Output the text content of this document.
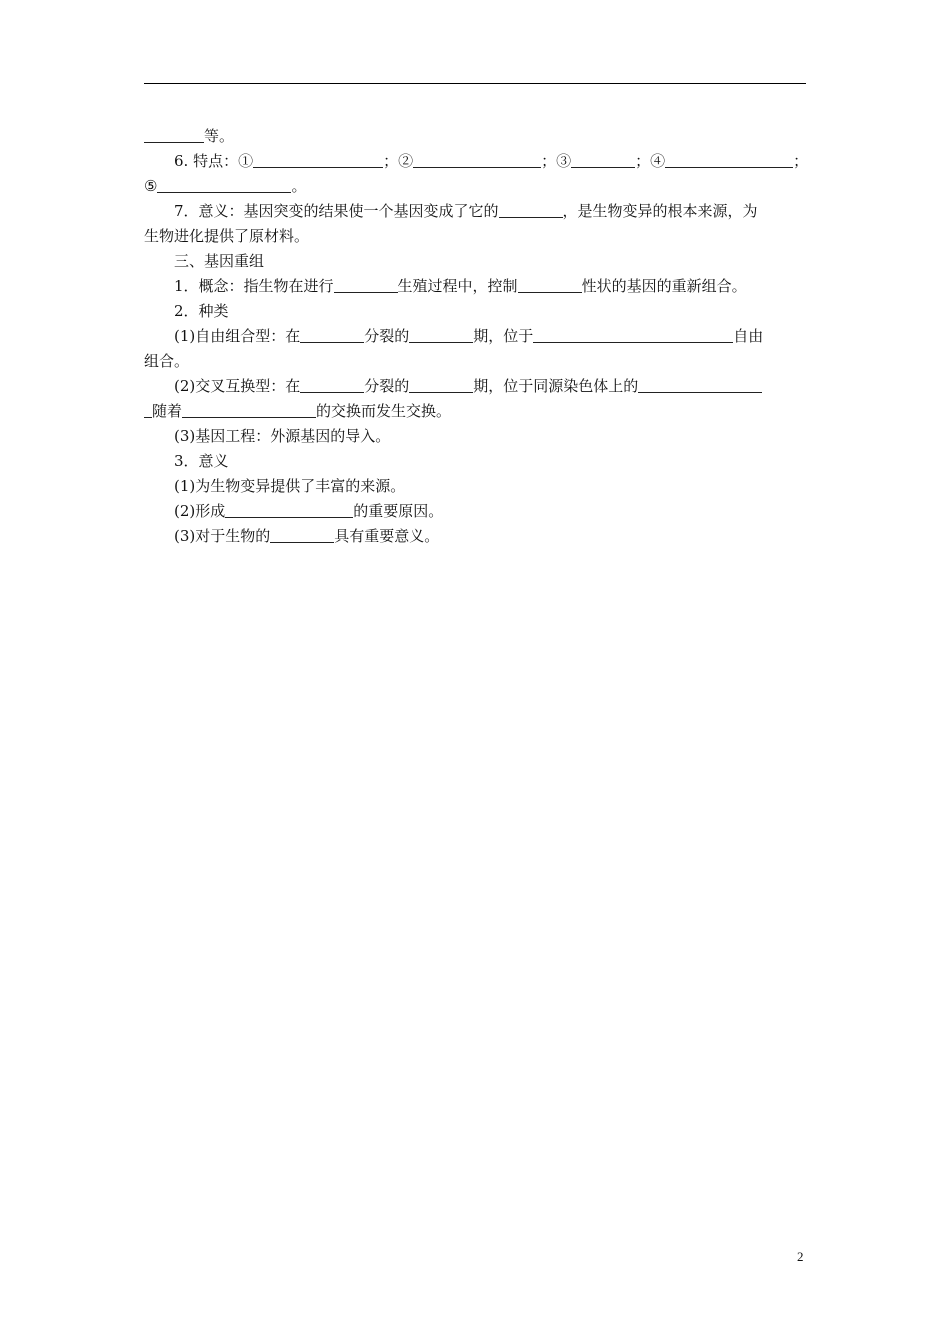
等。
6. 特点：①	；②	；③	；④	；
⑤	。
7．意义：基因突变的结果使一个基因变成了它的	，是生物变异的根本来源，为
生物进化提供了原材料。
三、基因重组
1．概念：指生物在进行	生殖过程中，控制	性状的基因的重新组合。
2．种类
(1)自由组合型：在	分裂的	期，位于	自由
组合。
(2)交叉互换型：在	分裂的	期，位于同源染色体上的
随着	的交换而发生交换。
(3)基因工程：外源基因的导入。
3．意义
(1)为生物变异提供了丰富的来源。
(2)形成	的重要原因。
(3)对于生物的	具有重要意义。
2
